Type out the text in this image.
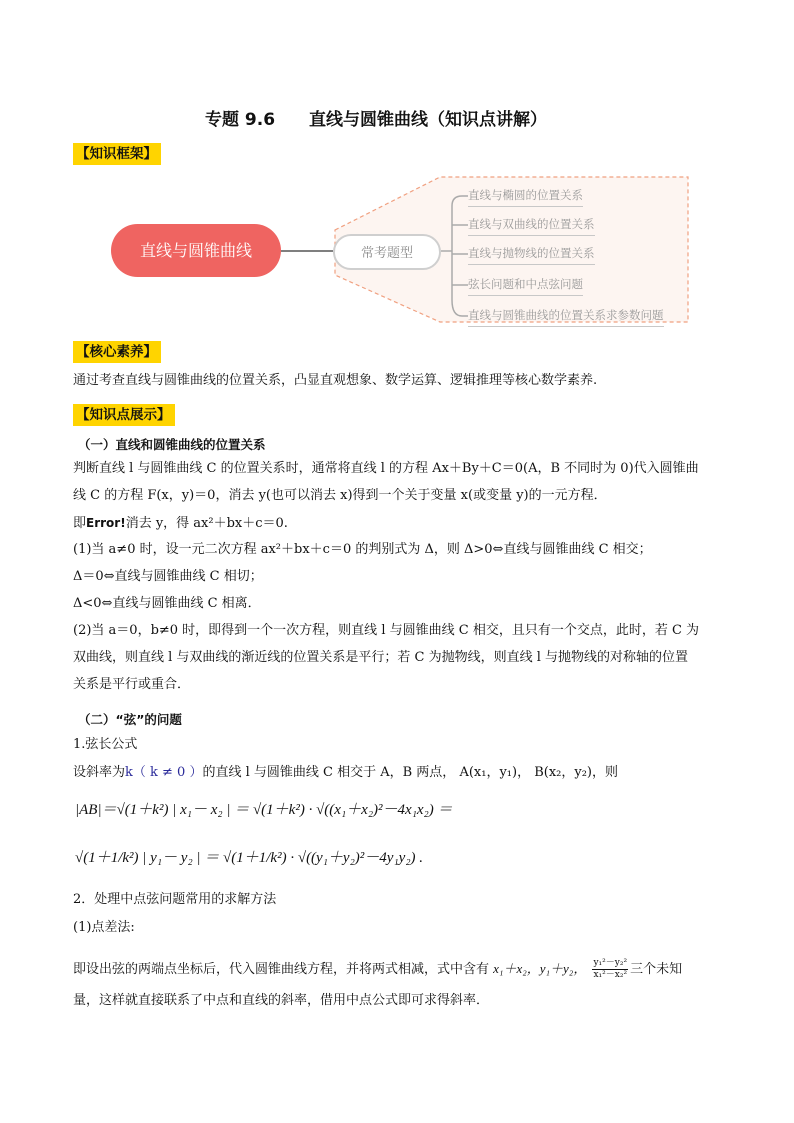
专题 9.6　　直线与圆锥曲线（知识点讲解）
【知识框架】
直线与圆锥曲线	常考题型
直线与椭圆的位置关系
直线与双曲线的位置关系
直线与抛物线的位置关系
弦长问题和中点弦问题
直线与圆锥曲线的位置关系求参数问题
【核心素养】
通过考查直线与圆锥曲线的位置关系，凸显直观想象、数学运算、逻辑推理等核心数学素养.
【知识点展示】
（一）直线和圆锥曲线的位置关系
判断直线 l 与圆锥曲线 C 的位置关系时，通常将直线 l 的方程 Ax＋By＋C＝0(A，B 不同时为 0)代入圆锥曲
线 C 的方程 F(x，y)＝0，消去 y(也可以消去 x)得到一个关于变量 x(或变量 y)的一元方程．
即Error!消去 y，得 ax²＋bx＋c＝0.
(1)当 a≠0 时，设一元二次方程 ax²＋bx＋c＝0 的判别式为 Δ，则 Δ>0⇔直线与圆锥曲线 C 相交；
Δ＝0⇔直线与圆锥曲线 C 相切；
Δ<0⇔直线与圆锥曲线 C 相离．
(2)当 a＝0，b≠0 时，即得到一个一次方程，则直线 l 与圆锥曲线 C 相交，且只有一个交点，此时，若 C 为
双曲线，则直线 l 与双曲线的渐近线的位置关系是平行；若 C 为抛物线，则直线 l 与抛物线的对称轴的位置
关系是平行或重合．
（二）“弦”的问题
1.弦长公式
设斜率为k（ k ≠ 0 ）的直线 l 与圆锥曲线 C 相交于 A，B 两点， A(x₁，y₁)， B(x₂，y₂)，则
|AB|＝√(1＋k²) | x₁－ x₂ | ＝ √(1＋k²) · √((x₁＋x₂)²－4x₁x₂) ＝
√(1＋1/k²) | y₁－ y₂ | ＝ √(1＋1/k²) · √((y₁＋y₂)²－4y₁y₂) .
2．处理中点弦问题常用的求解方法
(1)点差法:
即设出弦的两端点坐标后，代入圆锥曲线方程，并将两式相减，式中含有 x₁＋x₂，y₁＋y₂， $\frac{\text{y₁²－y₂²}}{\text{x₁²－x₂²}}$ 三个未知
量，这样就直接联系了中点和直线的斜率，借用中点公式即可求得斜率．
